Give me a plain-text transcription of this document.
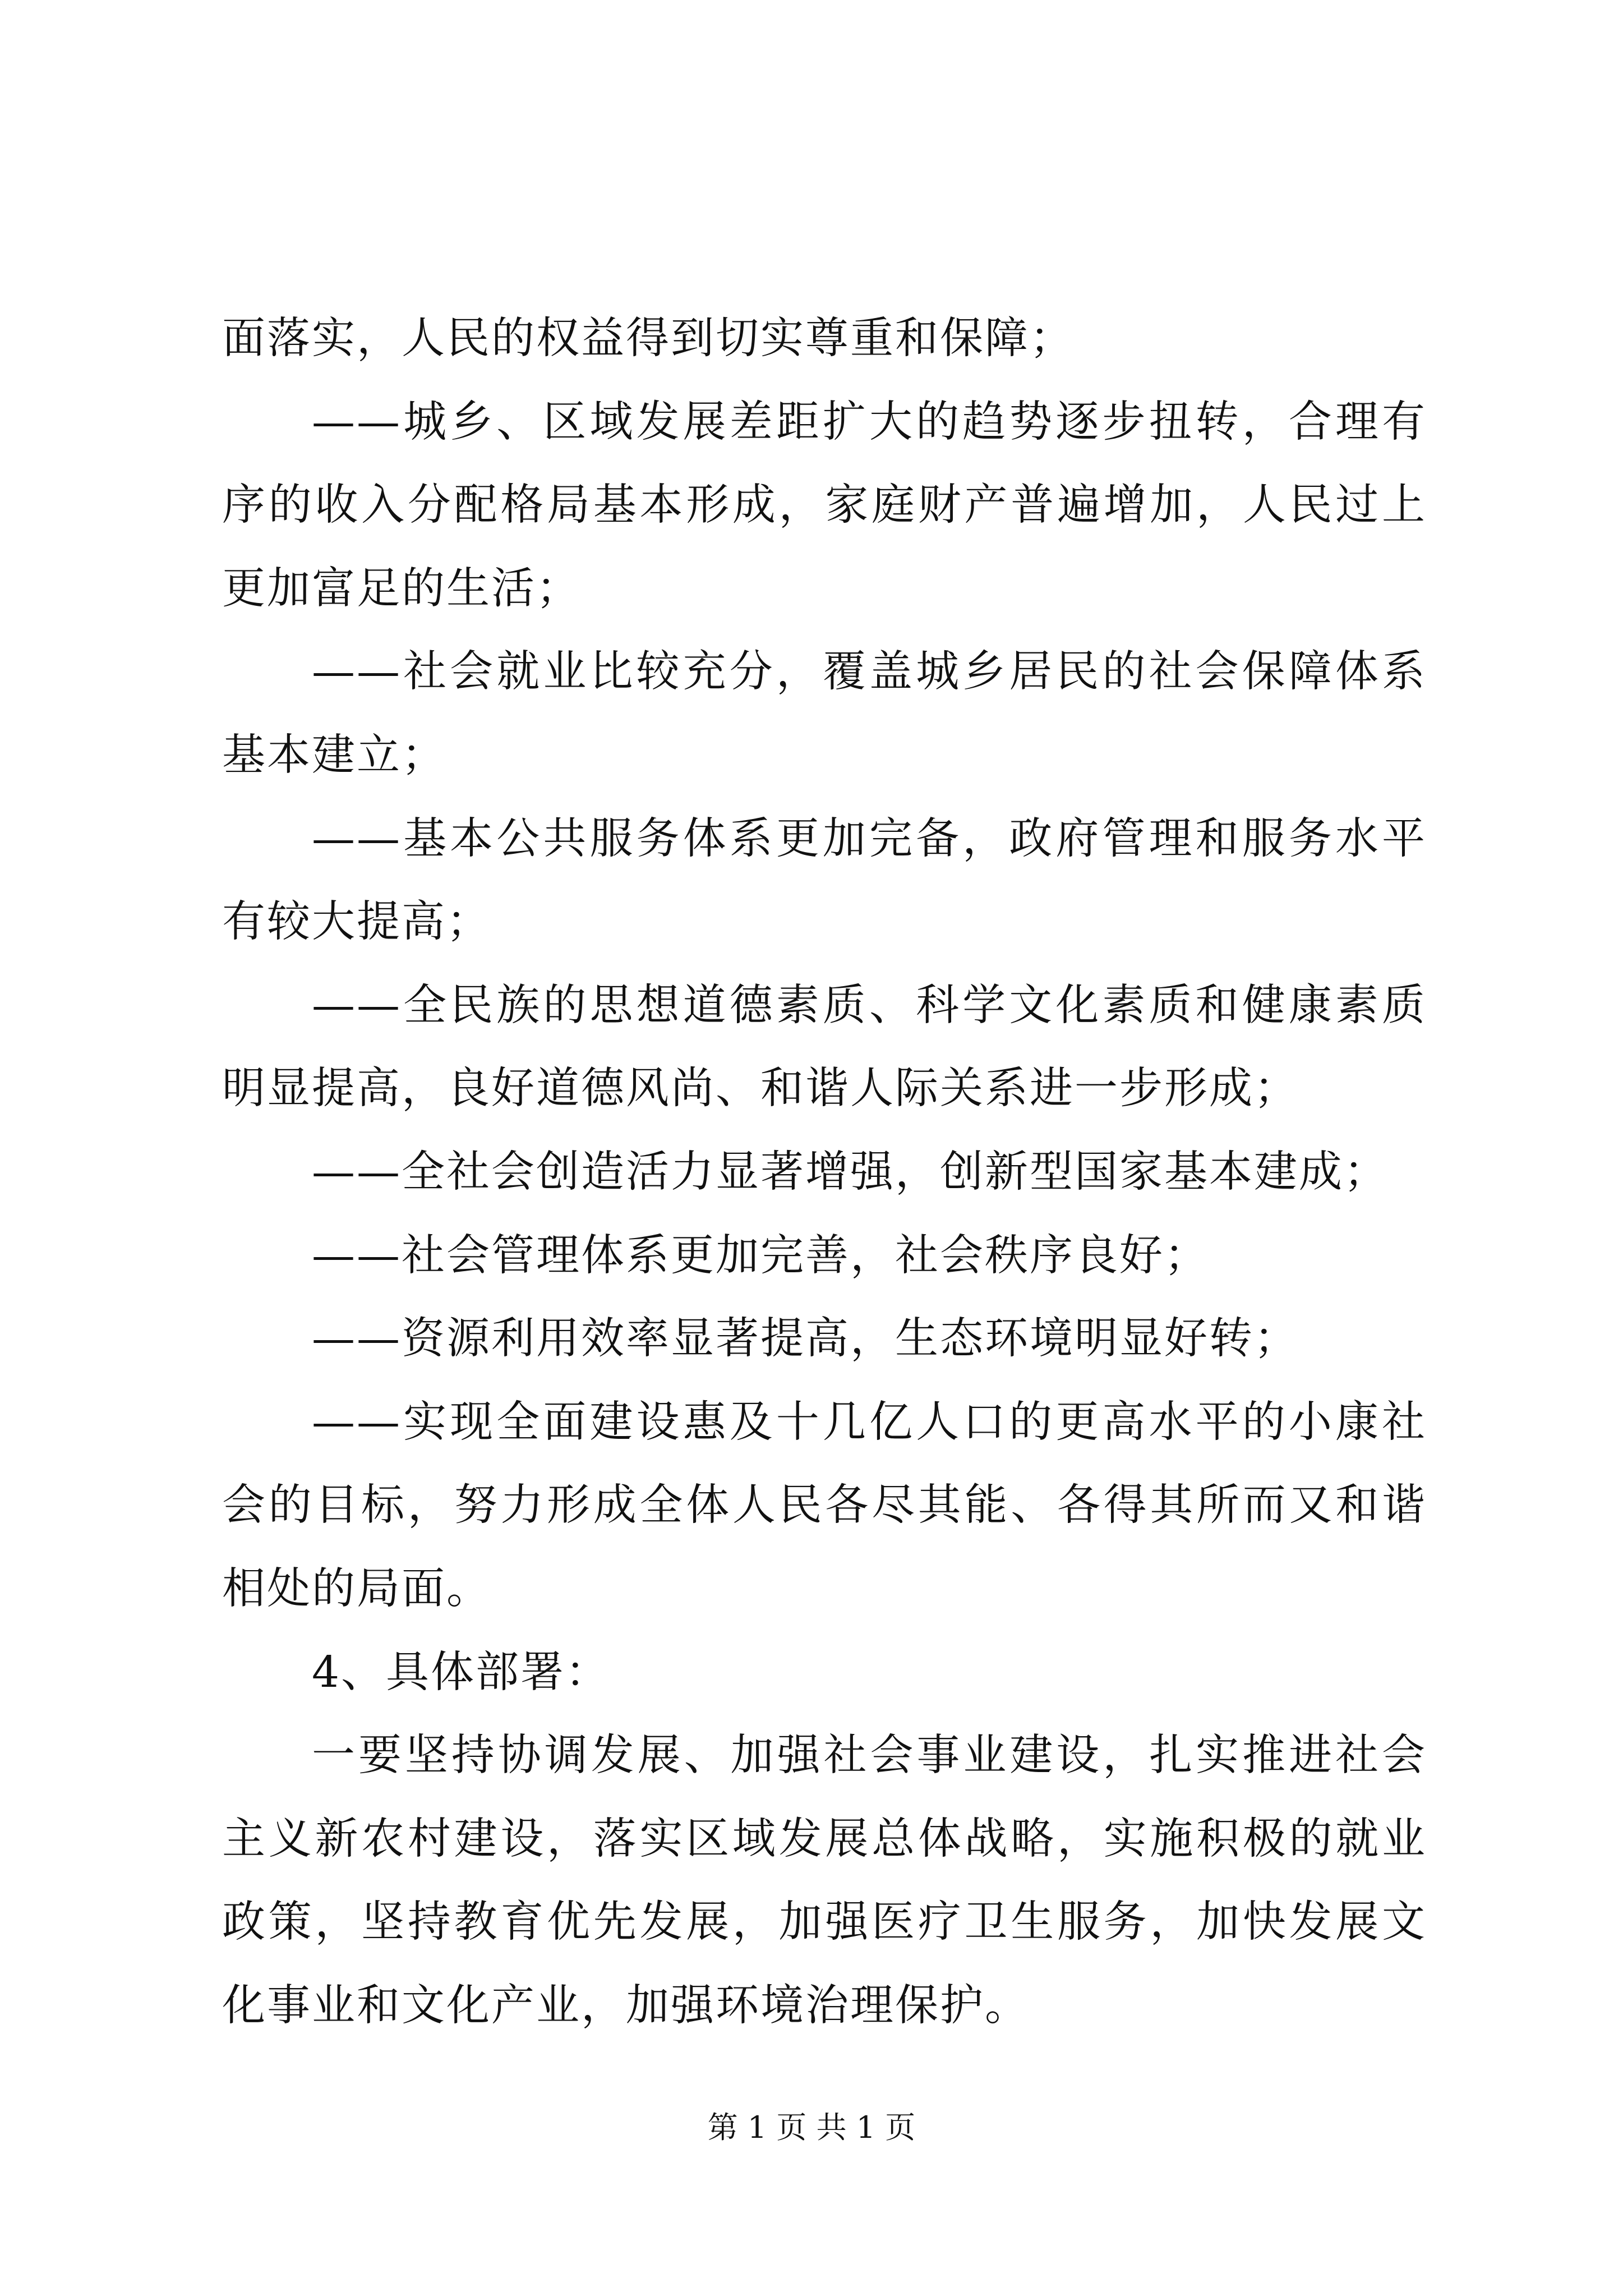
面落实，人民的权益得到切实尊重和保障；

——城乡、区域发展差距扩大的趋势逐步扭转，合理有序的收入分配格局基本形成，家庭财产普遍增加，人民过上更加富足的生活；

——社会就业比较充分，覆盖城乡居民的社会保障体系基本建立；

——基本公共服务体系更加完备，政府管理和服务水平有较大提高；

——全民族的思想道德素质、科学文化素质和健康素质明显提高，良好道德风尚、和谐人际关系进一步形成；

——全社会创造活力显著增强，创新型国家基本建成；

——社会管理体系更加完善，社会秩序良好；

——资源利用效率显著提高，生态环境明显好转；

——实现全面建设惠及十几亿人口的更高水平的小康社会的目标，努力形成全体人民各尽其能、各得其所而又和谐相处的局面。

4、具体部署：

一要坚持协调发展、加强社会事业建设，扎实推进社会主义新农村建设，落实区域发展总体战略，实施积极的就业政策，坚持教育优先发展，加强医疗卫生服务，加快发展文化事业和文化产业，加强环境治理保护。

第 1 页 共 1 页
